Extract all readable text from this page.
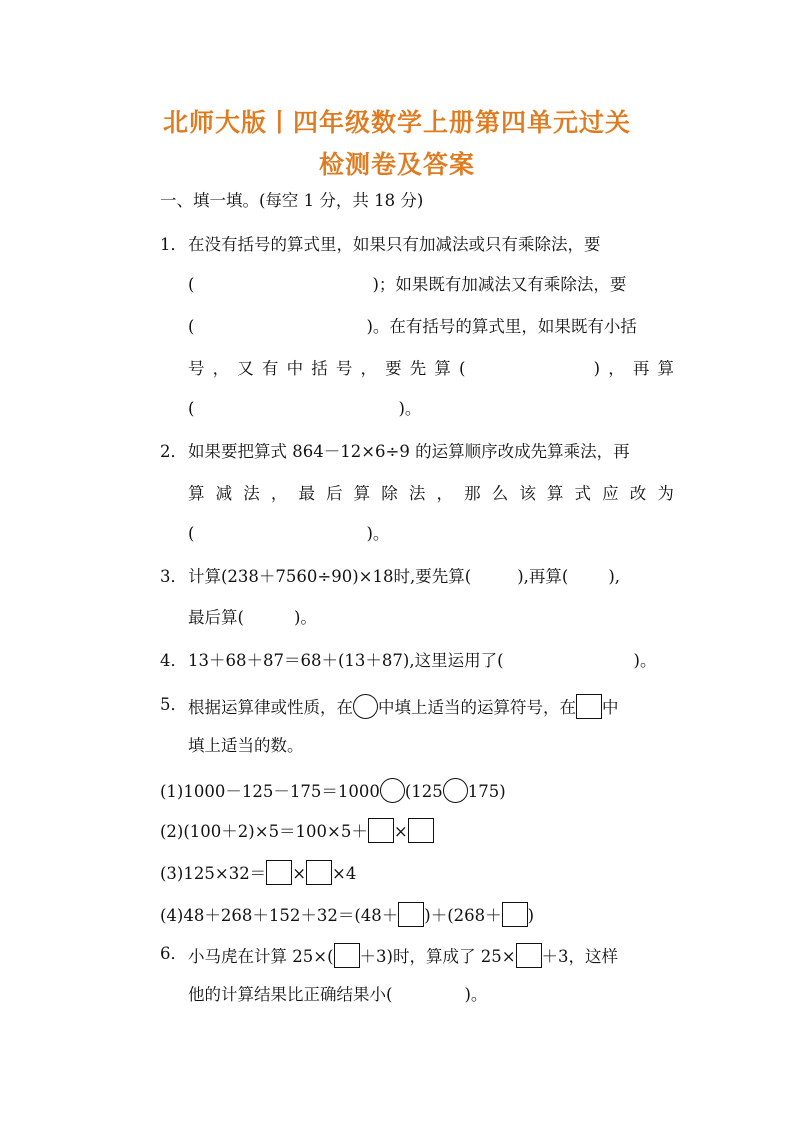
北师大版丨四年级数学上册第四单元过关
检测卷及答案
一、填一填。(每空 1 分，共 18 分)
1． 在没有括号的算式里，如果只有加减法或只有乘除法，要
(	)；如果既有加减法又有乘除法，要
(	)。在有括号的算式里，如果既有小括
号 ， 又 有 中 括 号 ， 要 先 算 (	) ， 再 算
(	)。
2． 如果要把算式 864－12×6÷9 的运算顺序改成先算乘法，再
算 减 法 ， 最 后 算 除 法 ， 那 么 该 算 式 应 改 为
(	)。
3． 计算(238＋7560÷90)×18时,要先算(	),再算( ),
最后算(	)。
4． 13＋68＋87＝68＋(13＋87),这里运用了(	)。
5． 根据运算律或性质，在 中填上适当的运算符号，在 中
填上适当的数。
(1)1000－125－175＝1000 (125 175)
(2)(100＋2)×5＝100×5＋ ×
(3)125×32＝ × ×4
(4)48＋268＋152＋32＝(48＋ )＋(268＋ )
6． 小马虎在计算 25×( ＋3)时，算成了 25× ＋3，这样
他的计算结果比正确结果小(	)。
